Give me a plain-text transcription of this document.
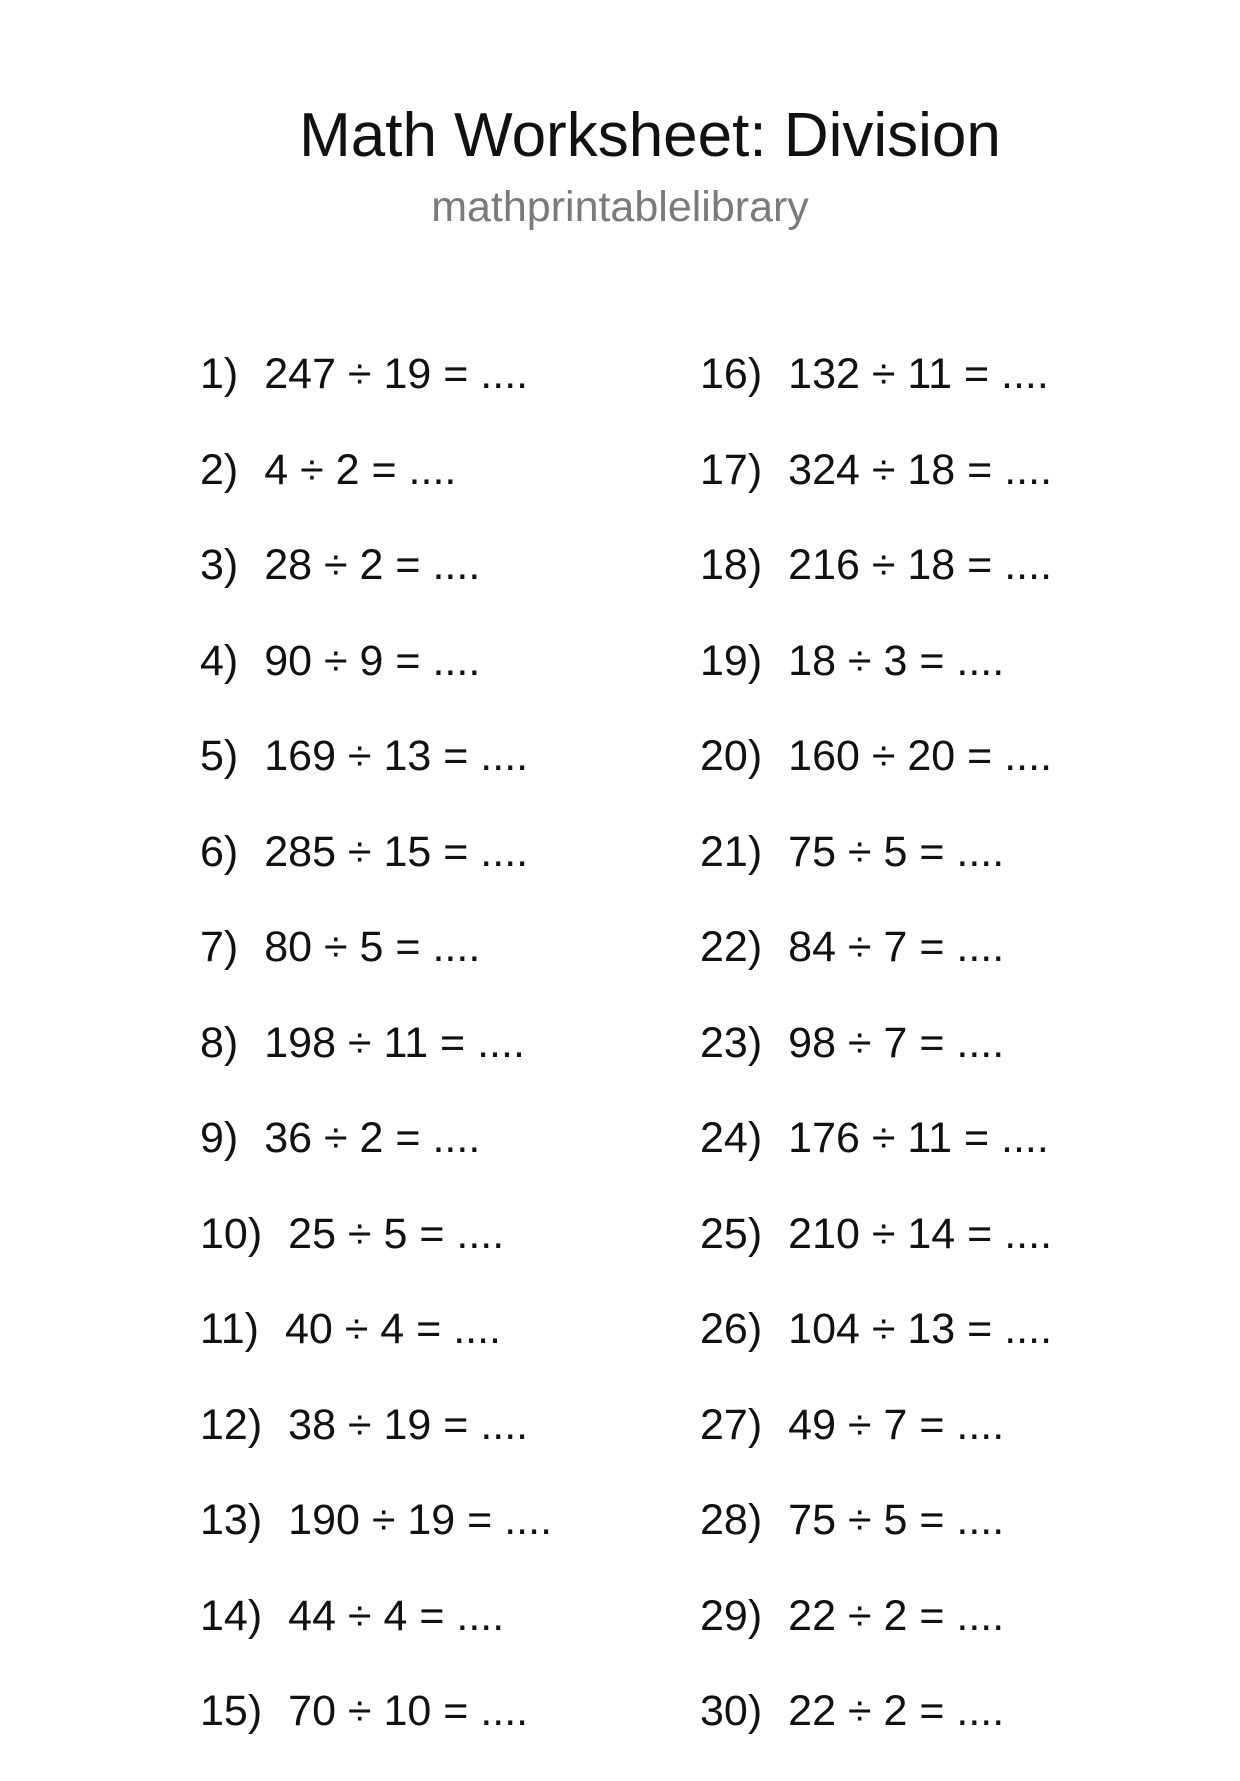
Math Worksheet: Division
mathprintablelibrary
1) 247 ÷ 19 = ....
2) 4 ÷ 2 = ....
3) 28 ÷ 2 = ....
4) 90 ÷ 9 = ....
5) 169 ÷ 13 = ....
6) 285 ÷ 15 = ....
7) 80 ÷ 5 = ....
8) 198 ÷ 11 = ....
9) 36 ÷ 2 = ....
10) 25 ÷ 5 = ....
11) 40 ÷ 4 = ....
12) 38 ÷ 19 = ....
13) 190 ÷ 19 = ....
14) 44 ÷ 4 = ....
15) 70 ÷ 10 = ....
16) 132 ÷ 11 = ....
17) 324 ÷ 18 = ....
18) 216 ÷ 18 = ....
19) 18 ÷ 3 = ....
20) 160 ÷ 20 = ....
21) 75 ÷ 5 = ....
22) 84 ÷ 7 = ....
23) 98 ÷ 7 = ....
24) 176 ÷ 11 = ....
25) 210 ÷ 14 = ....
26) 104 ÷ 13 = ....
27) 49 ÷ 7 = ....
28) 75 ÷ 5 = ....
29) 22 ÷ 2 = ....
30) 22 ÷ 2 = ....
